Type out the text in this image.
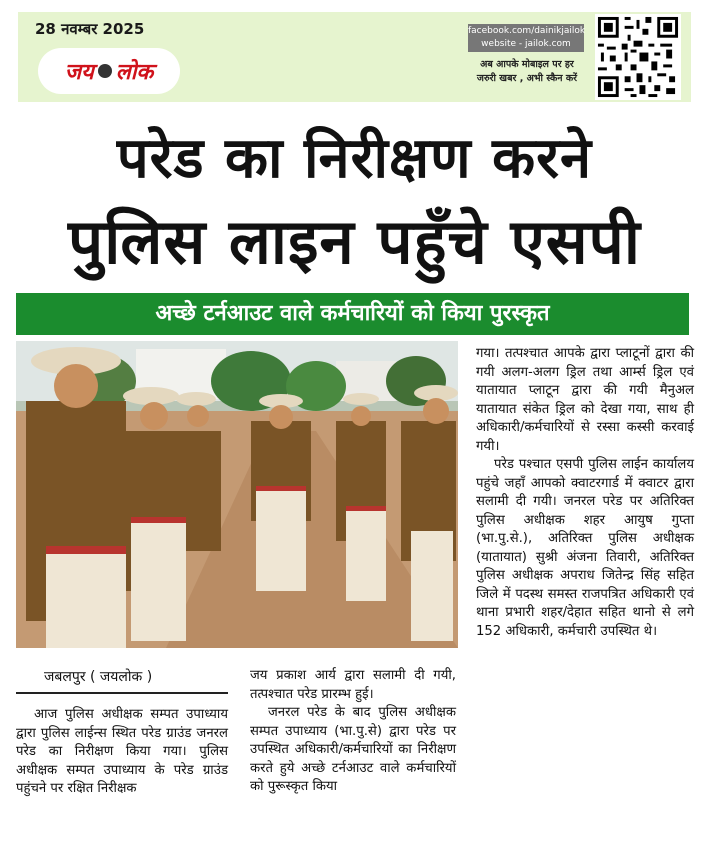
28 नवम्बर 2025
जय लोक
facebook.com/dainikjailok
website - jailok.com
अब आपके मोबाइल पर हर
जरुरी खबर , अभी स्कैन करें
परेड का निरीक्षण करने
पुलिस लाइन पहुँचे एसपी
अच्छे टर्नआउट वाले कर्मचारियों को किया पुरस्कृत
जबलपुर ( जयलोक )

आज पुलिस अधीक्षक सम्पत उपाध्याय द्वारा पुलिस लाईन्स स्थित परेड ग्राउंड जनरल परेड का निरीक्षण किया गया। पुलिस अधीक्षक सम्पत उपाध्याय के परेड ग्राउंड पहुंचने पर रक्षित निरीक्षक

जय प्रकाश आर्य द्वारा सलामी दी गयी, तत्पश्चात परेड प्रारम्भ हुई।

जनरल परेड के बाद पुलिस अधीक्षक सम्पत उपाध्याय (भा.पु.से) द्वारा परेड पर उपस्थित अधिकारी/कर्मचारियों का निरीक्षण करते हुये अच्छे टर्नआउट वाले कर्मचारियों को पुरूस्कृत किया

गया। तत्पश्चात आपके द्वारा प्लाटूनों द्वारा की गयी अलग-अलग ड्रिल तथा आर्म्स ड्रिल एवं यातायात प्लाटून द्वारा की गयी मैनुअल यातायात संकेत ड्रिल को देखा गया, साथ ही अधिकारी/कर्मचारियों से रस्सा कस्सी करवाई गयी।

परेड पश्चात एसपी पुलिस लाईन कार्यालय पहुंचे जहाँ आपको क्वाटरगार्ड में क्वाटर द्वारा सलामी दी गयी। जनरल परेड पर अतिरिक्त पुलिस अधीक्षक शहर आयुष गुप्ता (भा.पु.से.), अतिरिक्त पुलिस अधीक्षक (यातायात) सुश्री अंजना तिवारी, अतिरिक्त पुलिस अधीक्षक अपराध जितेन्द्र सिंह सहित जिले में पदस्थ समस्त राजपत्रित अधिकारी एवं थाना प्रभारी शहर/देहात सहित थानो से लगे 152 अधिकारी, कर्मचारी उपस्थित थे।
